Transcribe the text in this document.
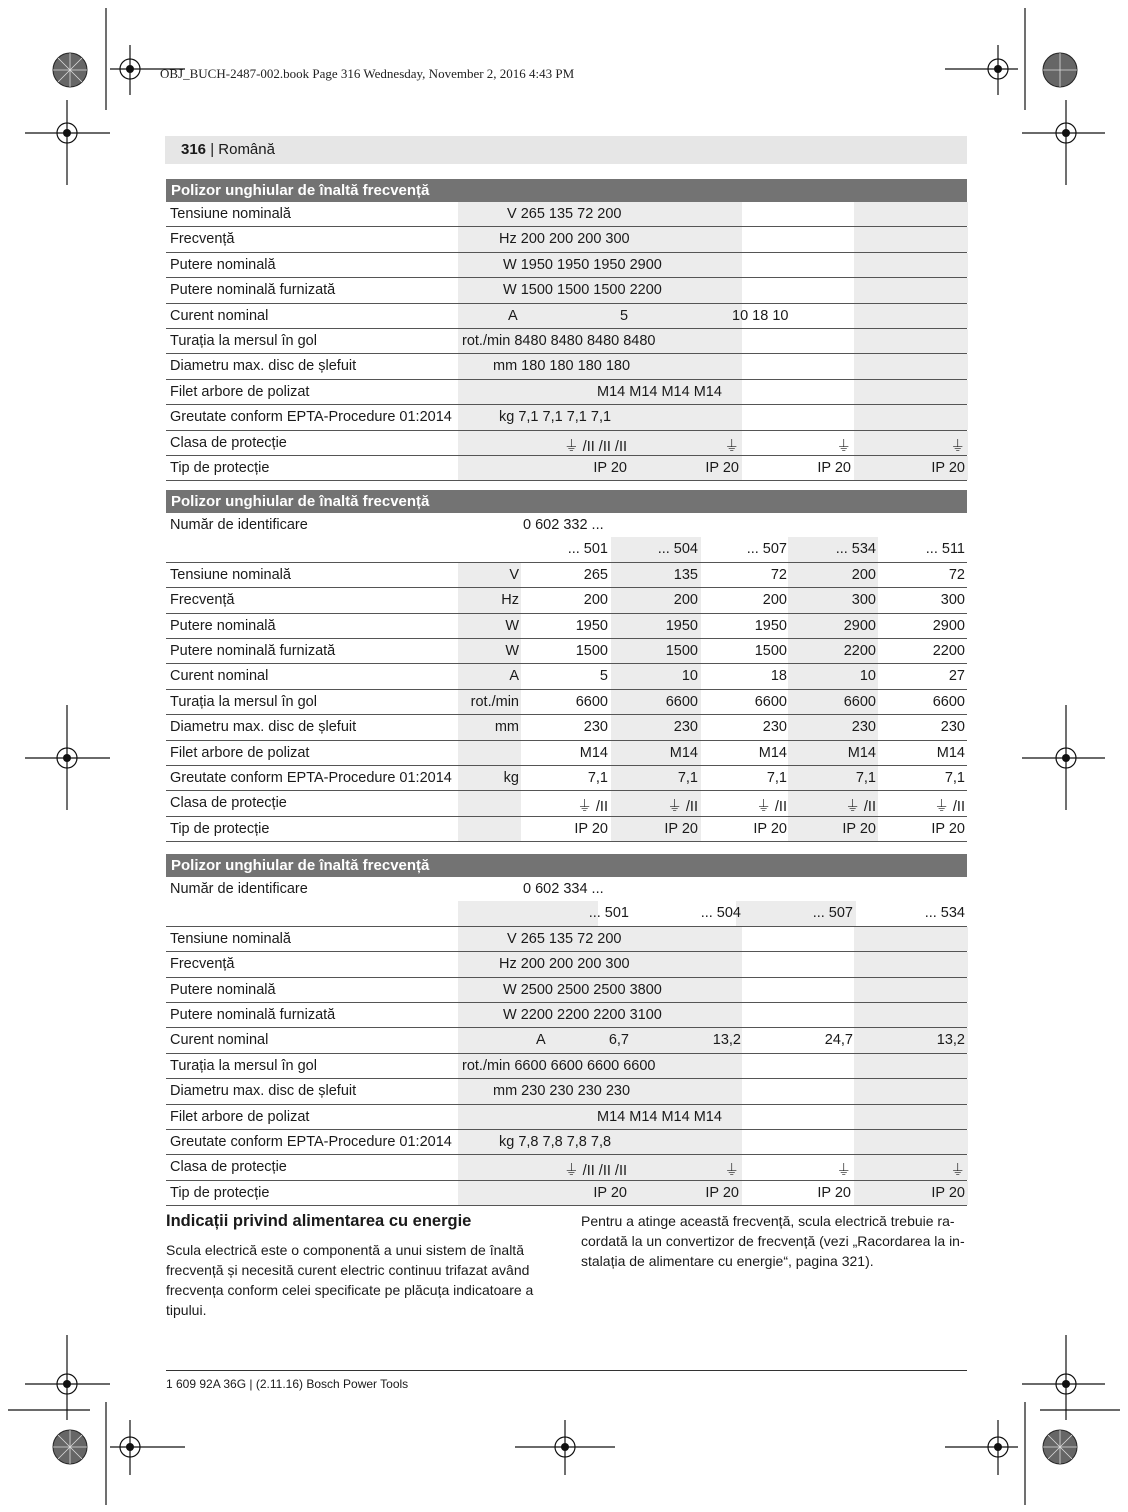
OBJ_BUCH-2487-002.book Page 316 Wednesday, November 2, 2016 4:43 PM
316 | Română
Polizor unghiular de înaltă frecvență
Tensiune nominală	V 265 135 72 200
Frecvență	Hz 200 200 200 300
Putere nominală	W 1950 1950 1950 2900
Putere nominală furnizată	W 1500 1500 1500 2200
Curent nominal	A	5	10 18 10
Turația la mersul în gol	rot./min 8480 8480 8480 8480
Diametru max. disc de șlefuit	mm 180 180 180 180
Filet arbore de polizat	M14 M14 M14 M14
Greutate conform EPTA-Procedure 01:2014	kg 7,1 7,1 7,1 7,1
Clasa de protecție	⏚ /II /II /II	⏚	⏚	⏚
Tip de protecție	IP 20	IP 20	IP 20	IP 20
Polizor unghiular de înaltă frecvență
Număr de identificare	0 602 332 ...
... 501	... 504	... 507	... 534	... 511
Tensiune nominală	V	265	135	72	200	72
Frecvență	Hz	200	200	200	300	300
Putere nominală	W	1950	1950	1950	2900	2900
Putere nominală furnizată	W	1500	1500	1500	2200	2200
Curent nominal	A	5	10	18	10	27
Turația la mersul în gol	rot./min	6600	6600	6600	6600	6600
Diametru max. disc de șlefuit	mm	230	230	230	230	230
Filet arbore de polizat	M14	M14	M14	M14	M14
Greutate conform EPTA-Procedure 01:2014	kg	7,1	7,1	7,1	7,1	7,1
Clasa de protecție	⏚ /II	⏚ /II	⏚ /II	⏚ /II	⏚ /II
Tip de protecție	IP 20	IP 20	IP 20	IP 20	IP 20
Polizor unghiular de înaltă frecvență
Număr de identificare	0 602 334 ...
... 501	... 504	... 507	... 534
Tensiune nominală	V 265 135 72 200
Frecvență	Hz 200 200 200 300
Putere nominală	W 2500 2500 2500 3800
Putere nominală furnizată	W 2200 2200 2200 3100
Curent nominal	A	6,7	13,2	24,7	13,2
Turația la mersul în gol	rot./min 6600 6600 6600 6600
Diametru max. disc de șlefuit	mm 230 230 230 230
Filet arbore de polizat	M14 M14 M14 M14
Greutate conform EPTA-Procedure 01:2014	kg 7,8 7,8 7,8 7,8
Clasa de protecție	⏚ /II /II /II	⏚	⏚	⏚
Tip de protecție	IP 20	IP 20	IP 20	IP 20
Indicații privind alimentarea cu energie
Scula electrică este o componentă a unui sistem de înaltă
frecvență și necesită curent electric continuu trifazat având
frecvența conform celei specificate pe plăcuța indicatoare a
tipului.
Pentru a atinge această frecvență, scula electrică trebuie ra-
cordată la un convertizor de frecvență (vezi „Racordarea la in-
stalația de alimentare cu energie“, pagina 321).
1 609 92A 36G | (2.11.16) Bosch Power Tools
